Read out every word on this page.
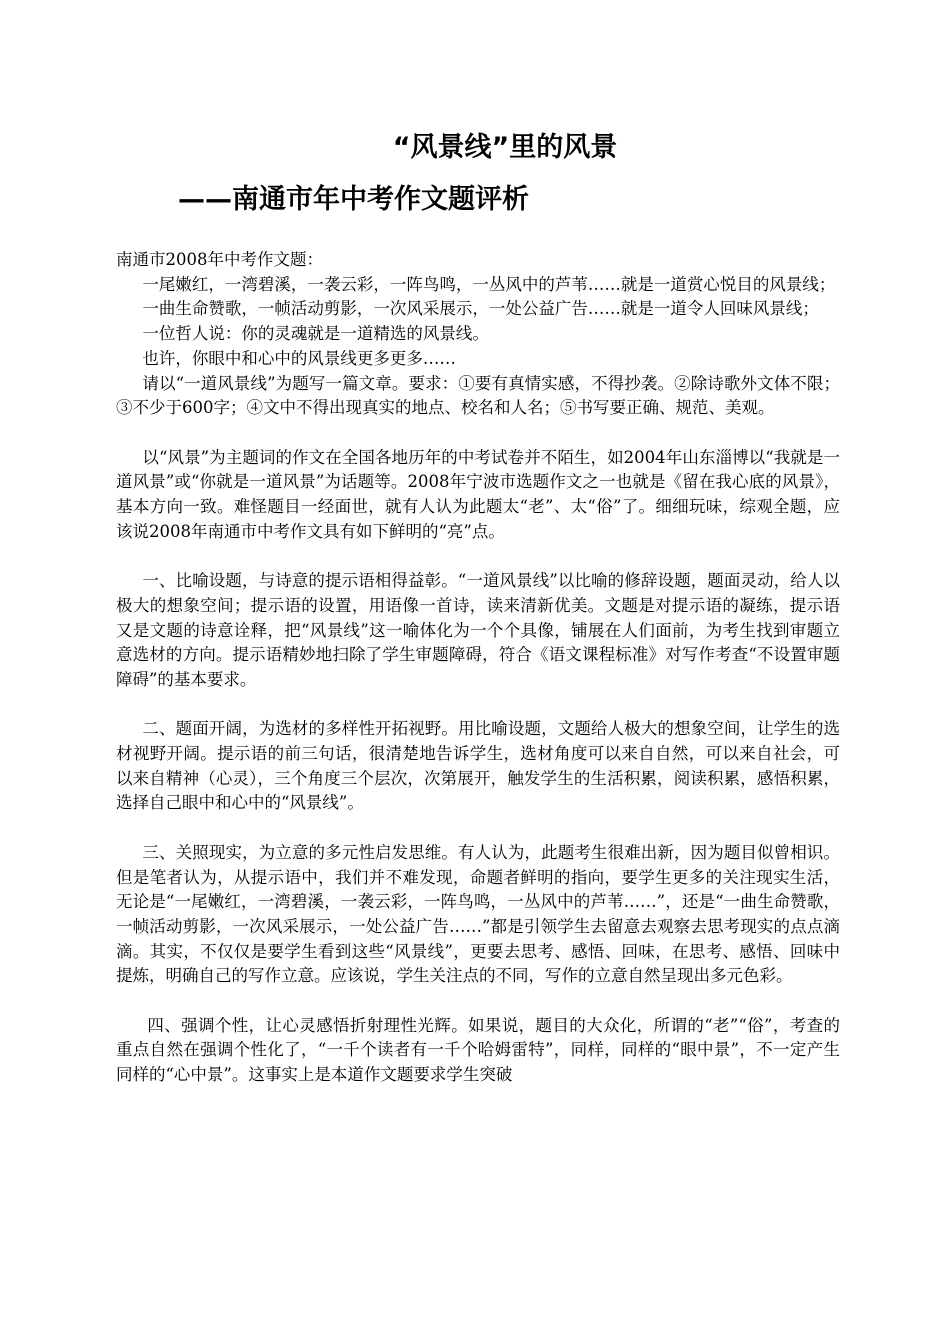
“风景线”里的风景
——南通市年中考作文题评析

南通市2008年中考作文题：

一尾嫩红，一湾碧溪，一袭云彩，一阵鸟鸣，一丛风中的芦苇……就是一道赏心悦目的风景线；

一曲生命赞歌，一帧活动剪影，一次风采展示，一处公益广告……就是一道令人回味风景线；

一位哲人说：你的灵魂就是一道精选的风景线。

也许，你眼中和心中的风景线更多更多……

请以“一道风景线”为题写一篇文章。要求：①要有真情实感，不得抄袭。②除诗歌外文体不限；③不少于600字；④文中不得出现真实的地点、校名和人名；⑤书写要正确、规范、美观。

以“风景”为主题词的作文在全国各地历年的中考试卷并不陌生，如2004年山东淄博以“我就是一道风景”或“你就是一道风景”为话题等。2008年宁波市选题作文之一也就是《留在我心底的风景》，基本方向一致。难怪题目一经面世，就有人认为此题太“老”、太“俗”了。细细玩味，综观全题，应该说2008年南通市中考作文具有如下鲜明的“亮”点。

一、比喻设题，与诗意的提示语相得益彰。“一道风景线”以比喻的修辞设题，题面灵动，给人以极大的想象空间；提示语的设置，用语像一首诗，读来清新优美。文题是对提示语的凝练，提示语又是文题的诗意诠释，把“风景线”这一喻体化为一个个具像，铺展在人们面前，为考生找到审题立意选材的方向。提示语精妙地扫除了学生审题障碍，符合《语文课程标准》对写作考查“不设置审题障碍”的基本要求。

二、题面开阔，为选材的多样性开拓视野。用比喻设题，文题给人极大的想象空间，让学生的选材视野开阔。提示语的前三句话，很清楚地告诉学生，选材角度可以来自自然，可以来自社会，可以来自精神（心灵），三个角度三个层次，次第展开，触发学生的生活积累，阅读积累，感悟积累，选择自己眼中和心中的“风景线”。

三、关照现实，为立意的多元性启发思维。有人认为，此题考生很难出新，因为题目似曾相识。但是笔者认为，从提示语中，我们并不难发现，命题者鲜明的指向，要学生更多的关注现实生活，无论是“一尾嫩红，一湾碧溪，一袭云彩，一阵鸟鸣，一丛风中的芦苇……”，还是“一曲生命赞歌，一帧活动剪影，一次风采展示，一处公益广告……”都是引领学生去留意去观察去思考现实的点点滴滴。其实，不仅仅是要学生看到这些“风景线”，更要去思考、感悟、回味，在思考、感悟、回味中提炼，明确自己的写作立意。应该说，学生关注点的不同，写作的立意自然呈现出多元色彩。

四、强调个性，让心灵感悟折射理性光辉。如果说，题目的大众化，所谓的“老”“俗”，考查的重点自然在强调个性化了，“一千个读者有一千个哈姆雷特”，同样，同样的“眼中景”，不一定产生同样的“心中景”。这事实上是本道作文题要求学生突破
